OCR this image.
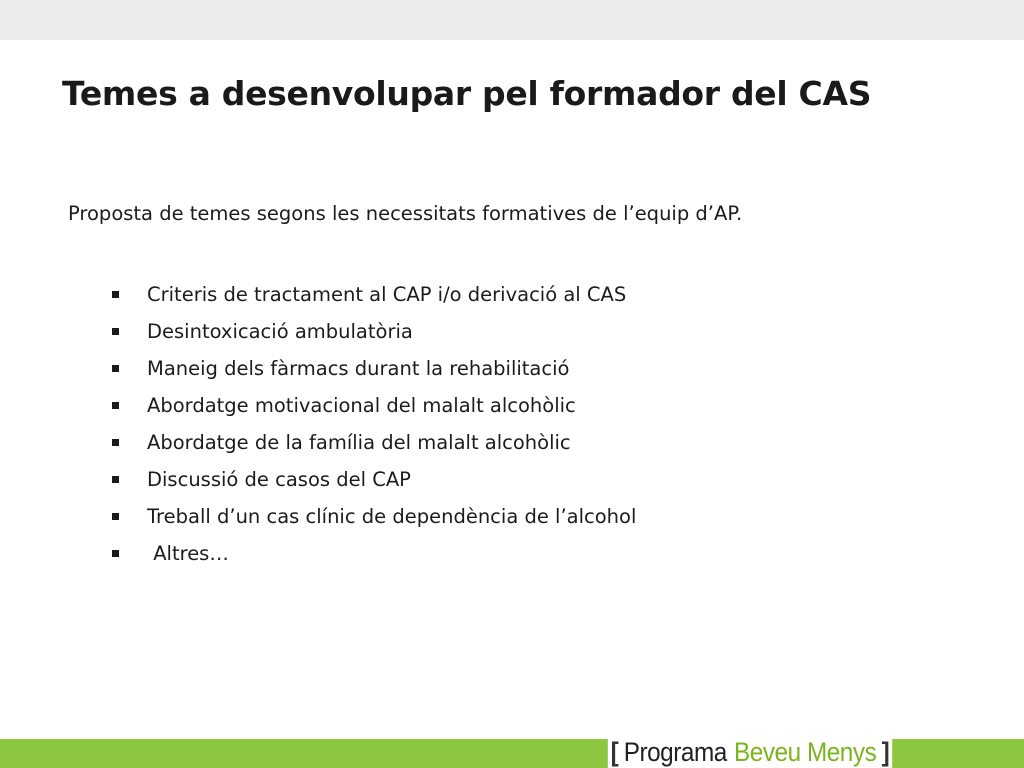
Temes a desenvolupar pel formador del CAS

Proposta de temes segons les necessitats formatives de l’equip d’AP.

Criteris de tractament al CAP i/o derivació al CAS
Desintoxicació ambulatòria
Maneig dels fàrmacs durant la rehabilitació
Abordatge motivacional del malalt alcohòlic
Abordatge de la família del malalt alcohòlic
Discussió de casos del CAP
Treball d’un cas clínic de dependència de l’alcohol
Altres…
[ Programa Beveu Menys ]
